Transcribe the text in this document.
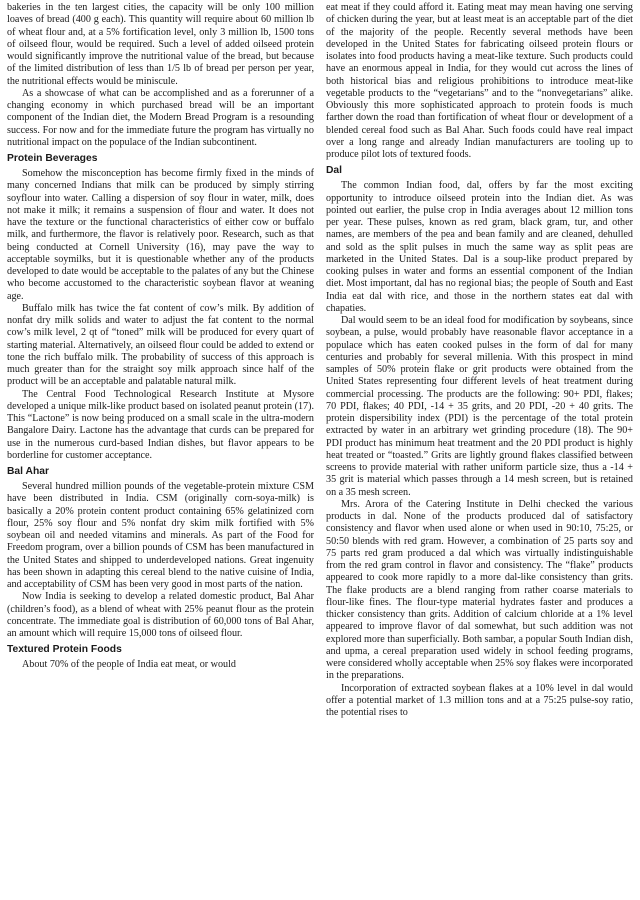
bakeries in the ten largest cities, the capacity will be only 100 million loaves of bread (400 g each). This quantity will require about 60 million lb of wheat flour and, at a 5% fortification level, only 3 million lb, 1500 tons of oilseed flour, would be required. Such a level of added oilseed protein would significantly improve the nutritional value of the bread, but because of the limited distribution of less than 1/5 lb of bread per person per year, the nutritional effects would be miniscule.

As a showcase of what can be accomplished and as a forerunner of a changing economy in which purchased bread will be an important component of the Indian diet, the Modern Bread Program is a resounding success. For now and for the immediate future the program has virtually no nutritional impact on the populace of the Indian subcontinent.

Protein Beverages

Somehow the misconception has become firmly fixed in the minds of many concerned Indians that milk can be produced by simply stirring soyflour into water. Calling a dispersion of soy flour in water, milk, does not make it milk; it remains a suspension of flour and water. It does not have the texture or the functional characteristics of either cow or buffalo milk, and furthermore, the flavor is relatively poor. Research, such as that being conducted at Cornell University (16), may pave the way to acceptable soymilks, but it is questionable whether any of the products developed to date would be acceptable to the palates of any but the Chinese who become accustomed to the characteristic soybean flavor at weaning age.

Buffalo milk has twice the fat content of cow’s milk. By addition of nonfat dry milk solids and water to adjust the fat content to the normal cow’s milk level, 2 qt of “toned” milk will be produced for every quart of starting material. Alternatively, an oilseed flour could be added to extend or tone the rich buffalo milk. The probability of success of this approach is much greater than for the straight soy milk approach since half of the product will be an acceptable and palatable natural milk.

The Central Food Technological Research Institute at Mysore developed a unique milk-like product based on isolated peanut protein (17). This “Lactone” is now being produced on a small scale in the ultra-modern Bangalore Dairy. Lactone has the advantage that curds can be prepared for use in the numerous curd-based Indian dishes, but flavor appears to be borderline for customer acceptance.

Bal Ahar

Several hundred million pounds of the vegetable-protein mixture CSM have been distributed in India. CSM (originally corn-soya-milk) is basically a 20% protein content product containing 65% gelatinized corn flour, 25% soy flour and 5% nonfat dry skim milk fortified with 5% soybean oil and needed vitamins and minerals. As part of the Food for Freedom program, over a billion pounds of CSM has been manufactured in the United States and shipped to underdeveloped nations. Great ingenuity has been shown in adapting this cereal blend to the native cuisine of India, and acceptability of CSM has been very good in most parts of the nation.

Now India is seeking to develop a related domestic product, Bal Ahar (children’s food), as a blend of wheat with 25% peanut flour as the protein concentrate. The immediate goal is distribution of 60,000 tons of Bal Ahar, an amount which will require 15,000 tons of oilseed flour.

Textured Protein Foods

About 70% of the people of India eat meat, or would

eat meat if they could afford it. Eating meat may mean having one serving of chicken during the year, but at least meat is an acceptable part of the diet of the majority of the people. Recently several methods have been developed in the United States for fabricating oilseed protein flours or isolates into food products having a meat-like texture. Such products could have an enormous appeal in India, for they would cut across the lines of both historical bias and religious prohibitions to introduce meat-like vegetable products to the “vegetarians” and to the “nonvegetarians” alike. Obviously this more sophisticated approach to protein foods is much farther down the road than fortification of wheat flour or development of a blended cereal food such as Bal Ahar. Such foods could have real impact over a long range and already Indian manufacturers are tooling up to produce pilot lots of textured foods.

Dal

The common Indian food, dal, offers by far the most exciting opportunity to introduce oilseed protein into the Indian diet. As was pointed out earlier, the pulse crop in India averages about 12 million tons per year. These pulses, known as red gram, black gram, tur, and other names, are members of the pea and bean family and are cleaned, dehulled and sold as the split pulses in much the same way as split peas are marketed in the United States. Dal is a soup-like product prepared by cooking pulses in water and forms an essential component of the Indian diet. Most important, dal has no regional bias; the people of South and East India eat dal with rice, and those in the northern states eat dal with chapaties.

Dal would seem to be an ideal food for modification by soybeans, since soybean, a pulse, would probably have reasonable flavor acceptance in a populace which has eaten cooked pulses in the form of dal for many centuries and probably for several millenia. With this prospect in mind samples of 50% protein flake or grit products were obtained from the United States representing four different levels of heat treatment during commercial processing. The products are the following: 90+ PDI, flakes; 70 PDI, flakes; 40 PDI, -14 + 35 grits, and 20 PDI, -20 + 40 grits. The protein dispersibility index (PDI) is the percentage of the total protein extracted by water in an arbitrary wet grinding procedure (18). The 90+ PDI product has minimum heat treatment and the 20 PDI product is highly heat treated or “toasted.” Grits are lightly ground flakes classified between screens to provide material with rather uniform particle size, thus a -14 + 35 grit is material which passes through a 14 mesh screen, but is retained on a 35 mesh screen.

Mrs. Arora of the Catering Institute in Delhi checked the various products in dal. None of the products produced dal of satisfactory consistency and flavor when used alone or when used in 90:10, 75:25, or 50:50 blends with red gram. However, a combination of 25 parts soy and 75 parts red gram produced a dal which was virtually indistinguishable from the red gram control in flavor and consistency. The “flake” products appeared to cook more rapidly to a more dal-like consistency than grits. The flake products are a blend ranging from rather coarse materials to flour-like fines. The flour-type material hydrates faster and produces a thicker consistency than grits. Addition of calcium chloride at a 1% level appeared to improve flavor of dal somewhat, but such addition was not explored more than superficially. Both sambar, a popular South Indian dish, and upma, a cereal preparation used widely in school feeding programs, were considered wholly acceptable when 25% soy flakes were incorporated in the preparations.

Incorporation of extracted soybean flakes at a 10% level in dal would offer a potential market of 1.3 million tons and at a 75:25 pulse-soy ratio, the potential rises to
